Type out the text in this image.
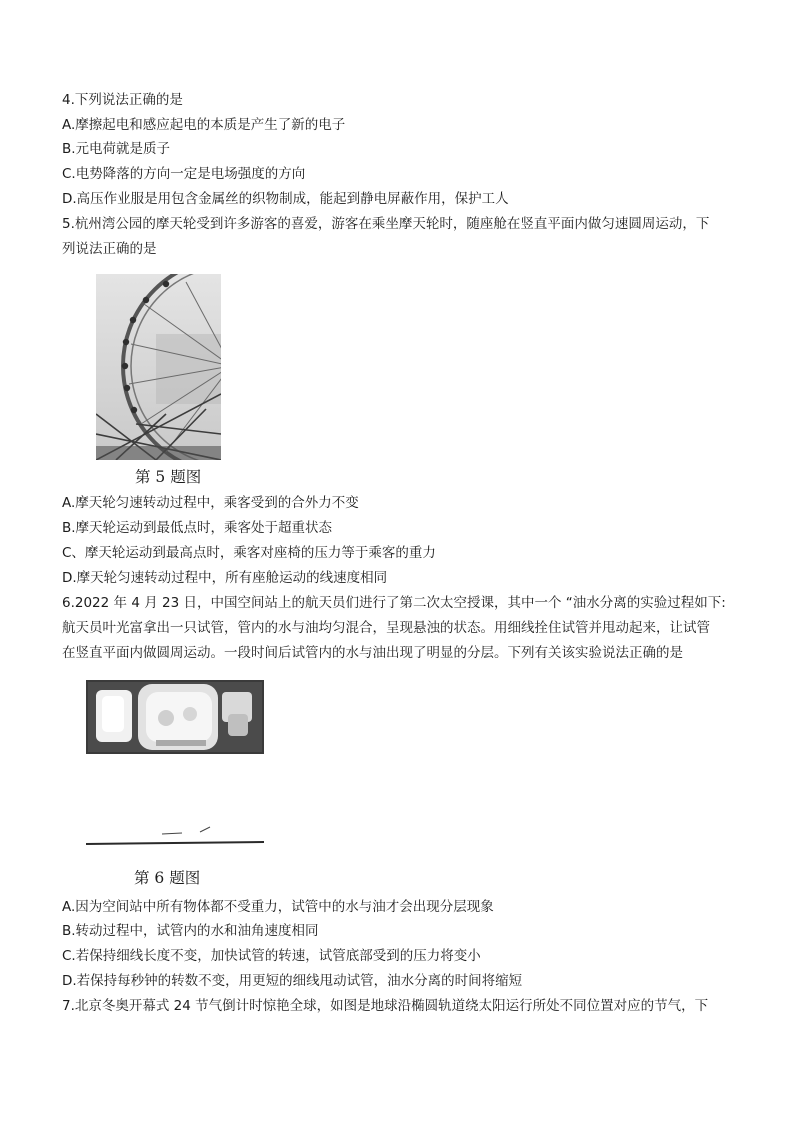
4.下列说法正确的是
A.摩擦起电和感应起电的本质是产生了新的电子
B.元电荷就是质子
C.电势降落的方向一定是电场强度的方向
D.高压作业服是用包含金属丝的织物制成，能起到静电屏蔽作用，保护工人
5.杭州湾公园的摩天轮受到许多游客的喜爱，游客在乘坐摩天轮时，随座舱在竖直平面内做匀速圆周运动，下
列说法正确的是
第 5 题图
A.摩天轮匀速转动过程中，乘客受到的合外力不变
B.摩天轮运动到最低点时，乘客处于超重状态
C、摩天轮运动到最高点时，乘客对座椅的压力等于乘客的重力
D.摩天轮匀速转动过程中，所有座舱运动的线速度相同
6.2022 年 4 月 23 日，中国空间站上的航天员们进行了第二次太空授课，其中一个 “油水分离的实验过程如下:
航天员叶光富拿出一只试管，管内的水与油均匀混合，呈现悬浊的状态。用细线拴住试管并甩动起来，让试管
在竖直平面内做圆周运动。一段时间后试管内的水与油出现了明显的分层。下列有关该实验说法正确的是
第 6 题图
A.因为空间站中所有物体都不受重力，试管中的水与油才会出现分层现象
B.转动过程中，试管内的水和油角速度相同
C.若保持细线长度不变，加快试管的转速，试管底部受到的压力将变小
D.若保持每秒钟的转数不变，用更短的细线甩动试管，油水分离的时间将缩短
7.北京冬奥开幕式 24 节气倒计时惊艳全球，如图是地球沿椭圆轨道绕太阳运行所处不同位置对应的节气，下
